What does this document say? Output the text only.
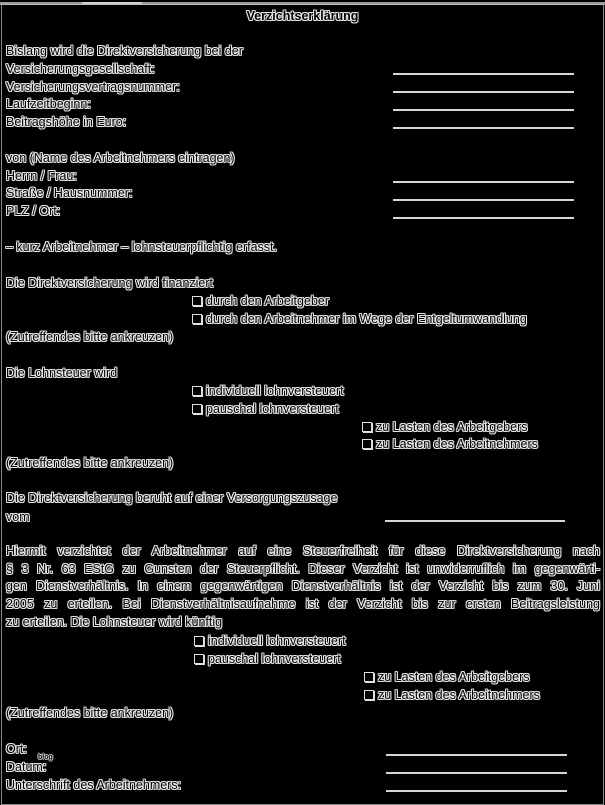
Verzichtserklärung
Bislang wird die Direktversicherung bei der
Versicherungsgesellschaft:
Versicherungsvertragsnummer:
Laufzeitbeginn:
Beitragshöhe in Euro:
von (Name des Arbeitnehmers eintragen)
Herrn / Frau:
Straße / Hausnummer:
PLZ / Ort:
– kurz Arbeitnehmer – lohnsteuerpflichtig erfasst.
Die Direktversicherung wird finanziert
durch den Arbeitgeber
durch den Arbeitnehmer im Wege der Entgeltumwandlung
(Zutreffendes bitte ankreuzen)
Die Lohnsteuer wird
individuell lohnversteuert
pauschal lohnversteuert
zu Lasten des Arbeitgebers
zu Lasten des Arbeitnehmers
(Zutreffendes bitte ankreuzen)
Die Direktversicherung beruht auf einer Versorgungszusage
vom
Hiermit verzichtet der Arbeitnehmer auf eine Steuerfreiheit für diese Direktversicherung nach
§ 3 Nr. 63 EStG zu Gunsten der Steuerpflicht. Dieser Verzicht ist unwiderruflich im gegenwärti-
gen Dienstverhältnis. In einem gegenwärtigen Dienstverhältnis ist der Verzicht bis zum 30. Juni
2005 zu erteilen. Bei Dienstverhältnisaufnahme ist der Verzicht bis zur ersten Beitragsleistung
zu erteilen. Die Lohnsteuer wird künftig
individuell lohnversteuert
pauschal lohnversteuert
zu Lasten des Arbeitgebers
zu Lasten des Arbeitnehmers
(Zutreffendes bitte ankreuzen)
Ort:
blog
Datum:
Unterschrift des Arbeitnehmers:
